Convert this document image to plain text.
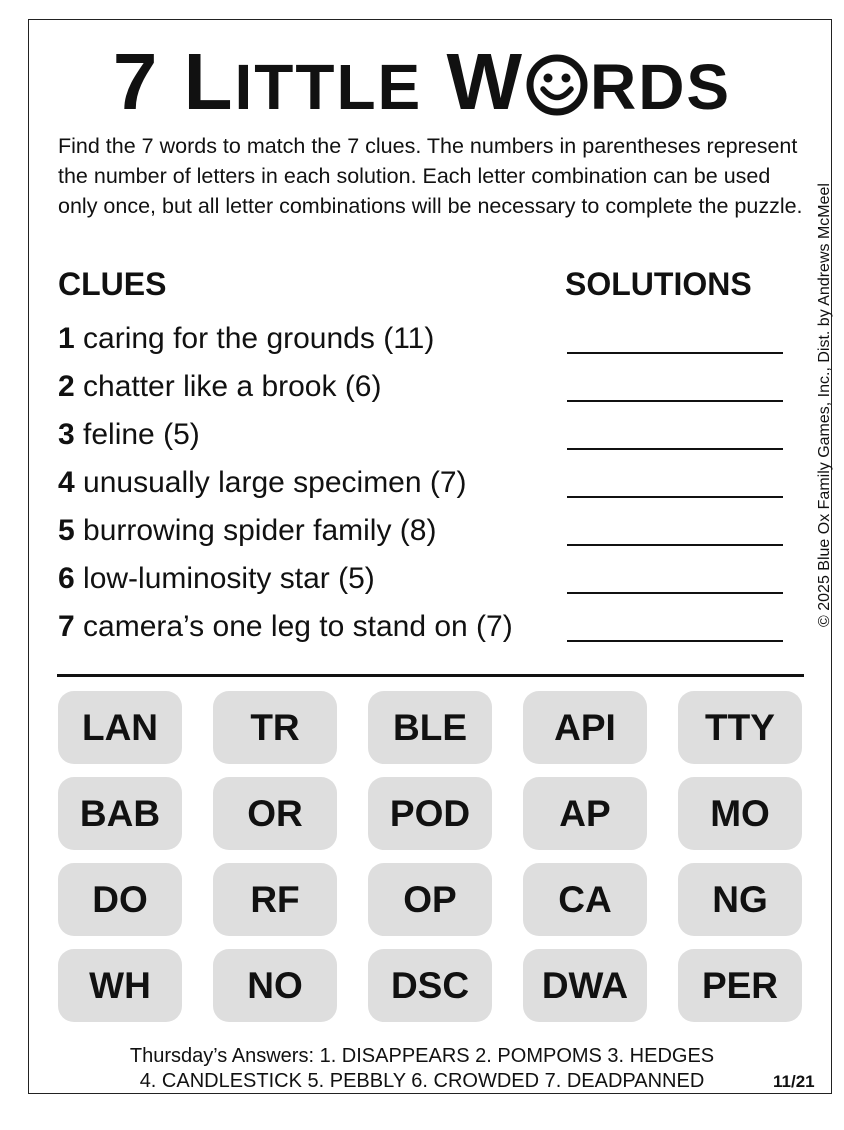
7 LITTLE W RDS
Find the 7 words to match the 7 clues. The numbers in parentheses represent the number of letters in each solution. Each letter combination can be used only once, but all letter combinations will be necessary to complete the puzzle. © 2025 Blue Ox Family Games, Inc., Dist. by Andrews McMeel
CLUES	SOLUTIONS
1 caring for the grounds (11)
2 chatter like a brook (6)
3 feline (5)
4 unusually large specimen (7)
5 burrowing spider family (8)
6 low-luminosity star (5)
7 camera’s one leg to stand on (7)
LAN	TR	BLE	API	TTY
BAB	OR	POD	AP	MO
DO	RF	OP	CA	NG
WH	NO	DSC	DWA	PER
Thursday’s Answers: 1. DISAPPEARS 2. POMPOMS 3. HEDGES
4. CANDLESTICK 5. PEBBLY 6. CROWDED 7. DEADPANNED	11/21
